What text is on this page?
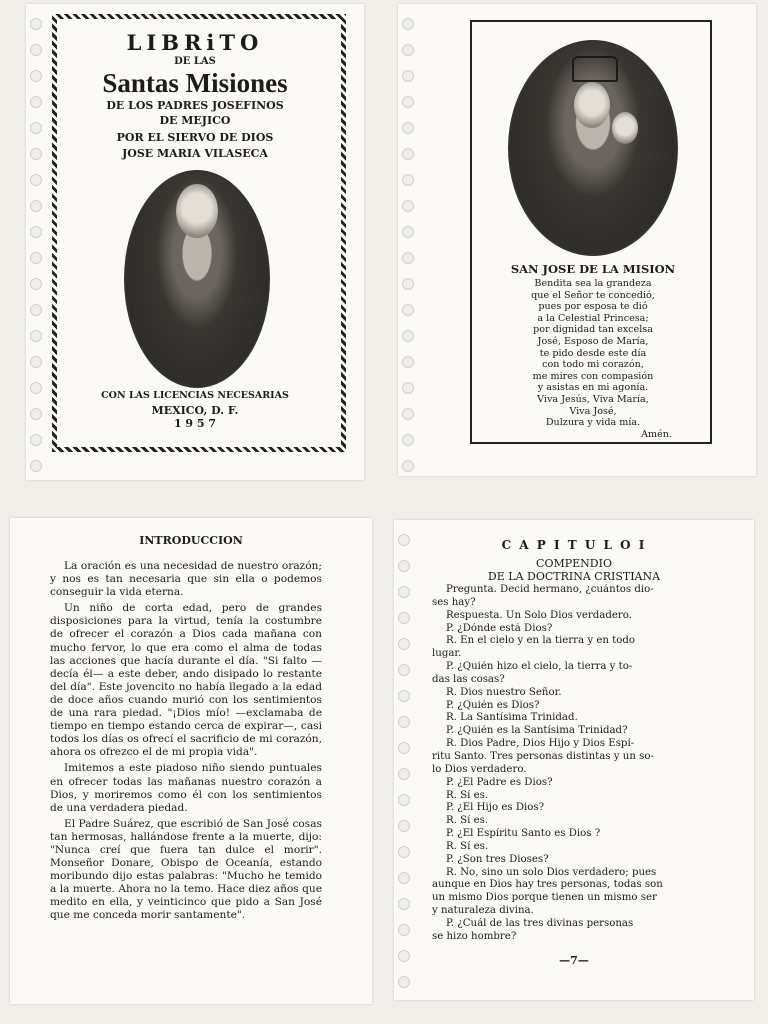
LIBRiTO
DE LAS
Santas Misiones
DE LOS PADRES JOSEFINOS
DE MEJICO
POR EL SIERVO DE DIOS
JOSE MARIA VILASECA
CON LAS LICENCIAS NECESARIAS
MEXICO, D. F.
1 9 5 7
SAN JOSE DE LA MISION
Bendita sea la grandeza
que el Señor te concedió,
pues por esposa te dió
a la Celestial Princesa;
por dignidad tan excelsa
José, Esposo de María,
te pido desde este día
con todo mi corazón,
me mires con compasión
y asistas en mi agonía.
Viva Jesús, Viva María,
Viva José,
Dulzura y vida mía.
Amén.
INTRODUCCION

La oración es una necesidad de nuestro orazón; y nos es tan necesaria que sin ella o podemos conseguir la vida eterna.

Un niño de corta edad, pero de grandes disposiciones para la virtud, tenía la costumbre de ofrecer el corazón a Dios cada mañana con mucho fervor, lo que era como el alma de todas las acciones que hacía durante el día. "Si falto —decía él— a este deber, ando disipado lo restante del día". Este jovencito no había llegado a la edad de doce años cuando murió con los sentimientos de una rara piedad. "¡Dios mío! —exclamaba de tiempo en tiempo estando cerca de expirar—, casi todos los días os ofrecí el sacrificio de mi corazón, ahora os ofrezco el de mi propia vida".

Imitemos a este piadoso niño siendo puntuales en ofrecer todas las mañanas nuestro corazón a Dios, y moriremos como él con los sentimientos de una verdadera piedad.

El Padre Suárez, que escribió de San José cosas tan hermosas, hallándose frente a la muerte, dijo: "Nunca creí que fuera tan dulce el morir". Monseñor Donare, Obispo de Oceanía, estando moribundo dijo estas palabras: "Mucho he temido a la muerte. Ahora no la temo. Hace diez años que medito en ella, y veinticinco que pido a San José que me conceda morir santamente".

C A P I T U L O I
COMPENDIO
DE LA DOCTRINA CRISTIANA
Pregunta. Decid hermano, ¿cuántos dio-
ses hay?
Respuesta. Un Solo Dios verdadero.
P. ¿Dónde está Dios?
R. En el cielo y en la tierra y en todo
lugar.
P. ¿Quién hizo el cielo, la tierra y to-
das las cosas?
R. Dios nuestro Señor.
P. ¿Quién es Dios?
R. La Santísima Trinidad.
P. ¿Quién es la Santísima Trinidad?
R. Dios Padre, Dios Hijo y Dios Espí-
ritu Santo. Tres personas distintas y un so-
lo Dios verdadero.
P. ¿El Padre es Dios?
R. Sí es.
P. ¿El Hijo es Dios?
R. Sí es.
P. ¿El Espíritu Santo es Dios ?
R. Sí es.
P. ¿Son tres Dioses?
R. No, sino un solo Dios verdadero; pues
aunque en Dios hay tres personas, todas son
un mismo Dios porque tienen un mismo ser
y naturaleza divina.
P. ¿Cuál de las tres divinas personas
se hizo hombre?
—7—
